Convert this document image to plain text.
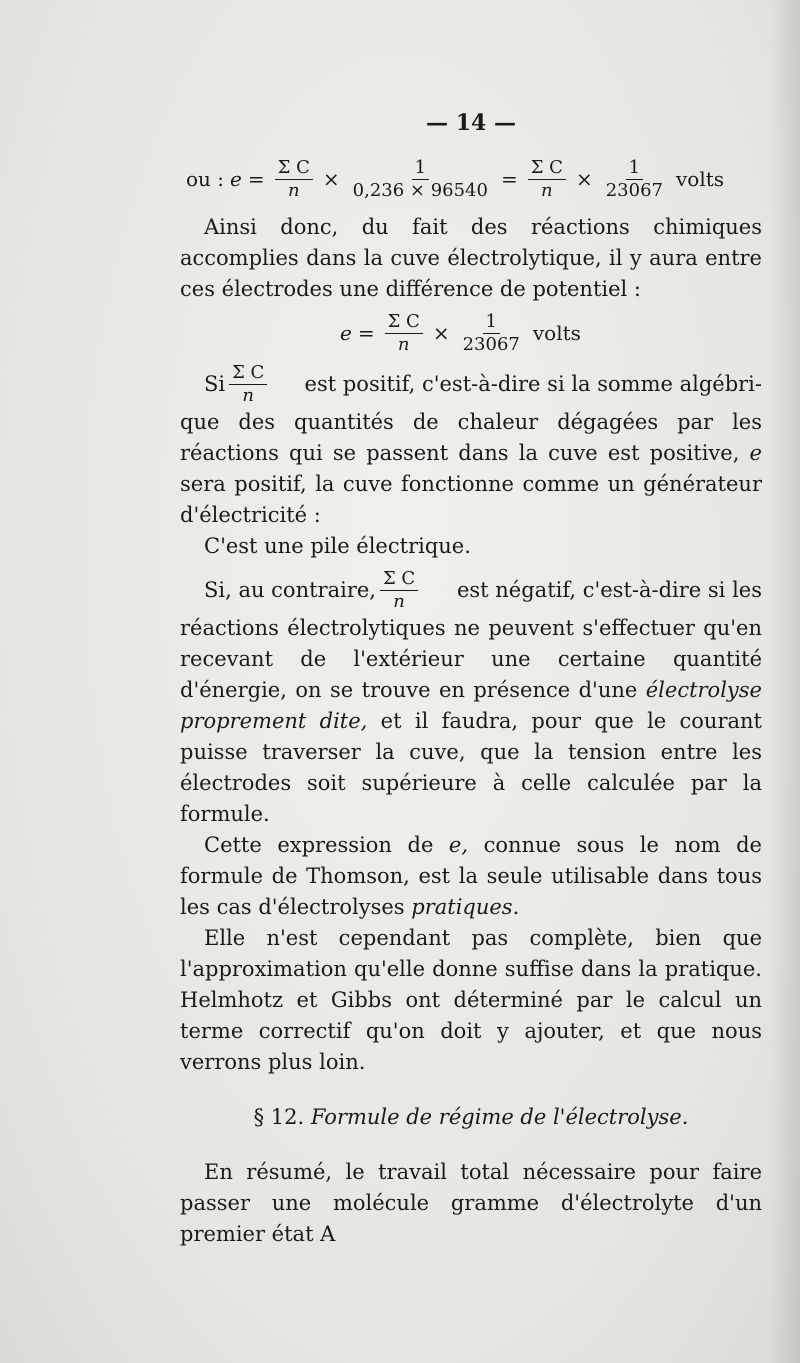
— 14 —
ou : $e = \frac{\text{Σ C}}{n} \times \frac{1}{0,236 \times 96540} = \frac{\text{Σ C}}{n} \times \frac{1}{23067}$ volts

Ainsi donc, du fait des réactions chimiques accomplies dans la cuve électrolytique, il y aura entre ces électrodes une différence de potentiel :

$e = \frac{\text{Σ C}}{n} \times \frac{1}{23067}$ volts
Si $\frac{\text{Σ C}}{n}$ est positif, c'est-à-dire si la somme algébri-

que des quantités de chaleur dégagées par les réactions qui se passent dans la cuve est positive, e sera positif, la cuve fonctionne comme un générateur d'électricité :

C'est une pile électrique.

Si, au contraire, $\frac{\text{Σ C}}{n}$ est négatif, c'est-à-dire si les

réactions électrolytiques ne peuvent s'effectuer qu'en recevant de l'extérieur une certaine quantité d'énergie, on se trouve en présence d'une électrolyse proprement dite, et il faudra, pour que le courant puisse traverser la cuve, que la tension entre les électrodes soit supérieure à celle calculée par la formule.

Cette expression de e, connue sous le nom de formule de Thomson, est la seule utilisable dans tous les cas d'électrolyses pratiques.

Elle n'est cependant pas complète, bien que l'approximation qu'elle donne suffise dans la pratique. Helmhotz et Gibbs ont déterminé par le calcul un terme correctif qu'on doit y ajouter, et que nous verrons plus loin.

§ 12. Formule de régime de l'électrolyse.

En résumé, le travail total nécessaire pour faire passer une molécule gramme d'électrolyte d'un premier état A
